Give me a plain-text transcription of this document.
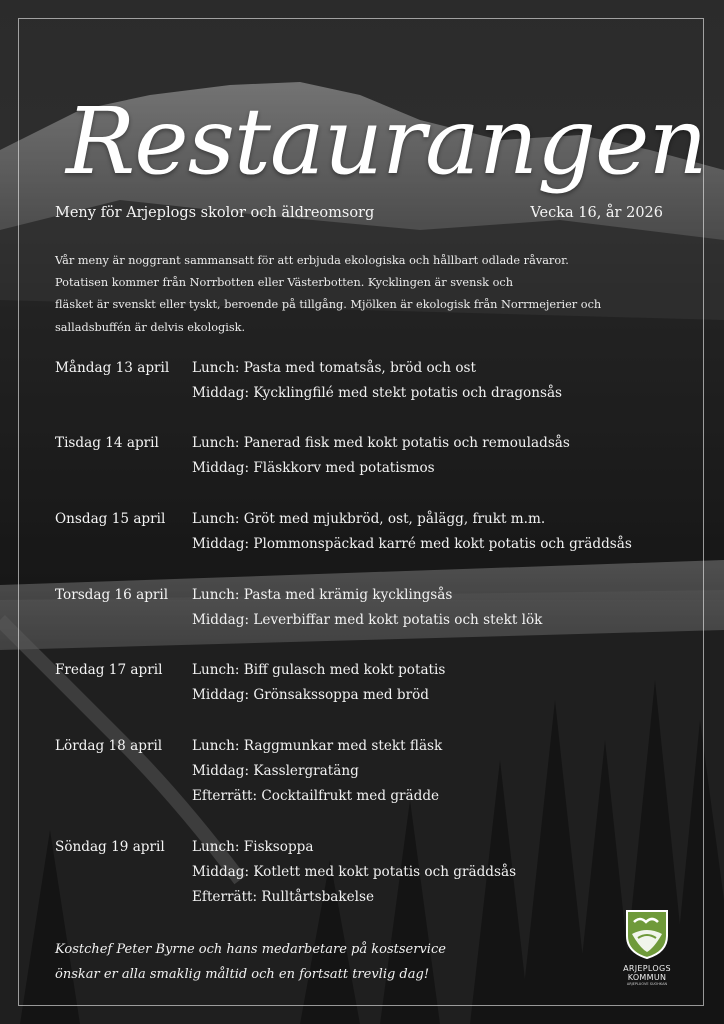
Restaurangen
Meny för Arjeplogs skolor och äldreomsorg	Vecka 16, år 2026
Vår meny är noggrant sammansatt för att erbjuda ekologiska och hållbart odlade råvaror.
Potatisen kommer från Norrbotten eller Västerbotten. Kycklingen är svensk och
fläsket är svenskt eller tyskt, beroende på tillgång. Mjölken är ekologisk från Norrmejerier och
salladsbuffén är delvis ekologisk.
Måndag 13 april Lunch: Pasta med tomatsås, bröd och ost
Middag: Kycklingfilé med stekt potatis och dragonsås
Tisdag 14 april Lunch: Panerad fisk med kokt potatis och remouladsås
Middag: Fläskkorv med potatismos
Onsdag 15 april Lunch: Gröt med mjukbröd, ost, pålägg, frukt m.m.
Middag: Plommonspäckad karré med kokt potatis och gräddsås
Torsdag 16 april Lunch: Pasta med krämig kycklingsås
Middag: Leverbiffar med kokt potatis och stekt lök
Fredag 17 april Lunch: Biff gulasch med kokt potatis
Middag: Grönsakssoppa med bröd
Lördag 18 april Lunch: Raggmunkar med stekt fläsk
Middag: Kasslergratäng
Efterrätt: Cocktailfrukt med grädde
Söndag 19 april Lunch: Fisksoppa
Middag: Kotlett med kokt potatis och gräddsås
Efterrätt: Rulltårtsbakelse
Kostchef Peter Byrne och hans medarbetare på kostservice
önskar er alla smaklig måltid och en fortsatt trevlig dag!	ARJEPLOGS
KOMMUN
ARJEPLUOVE SUOHKAN
